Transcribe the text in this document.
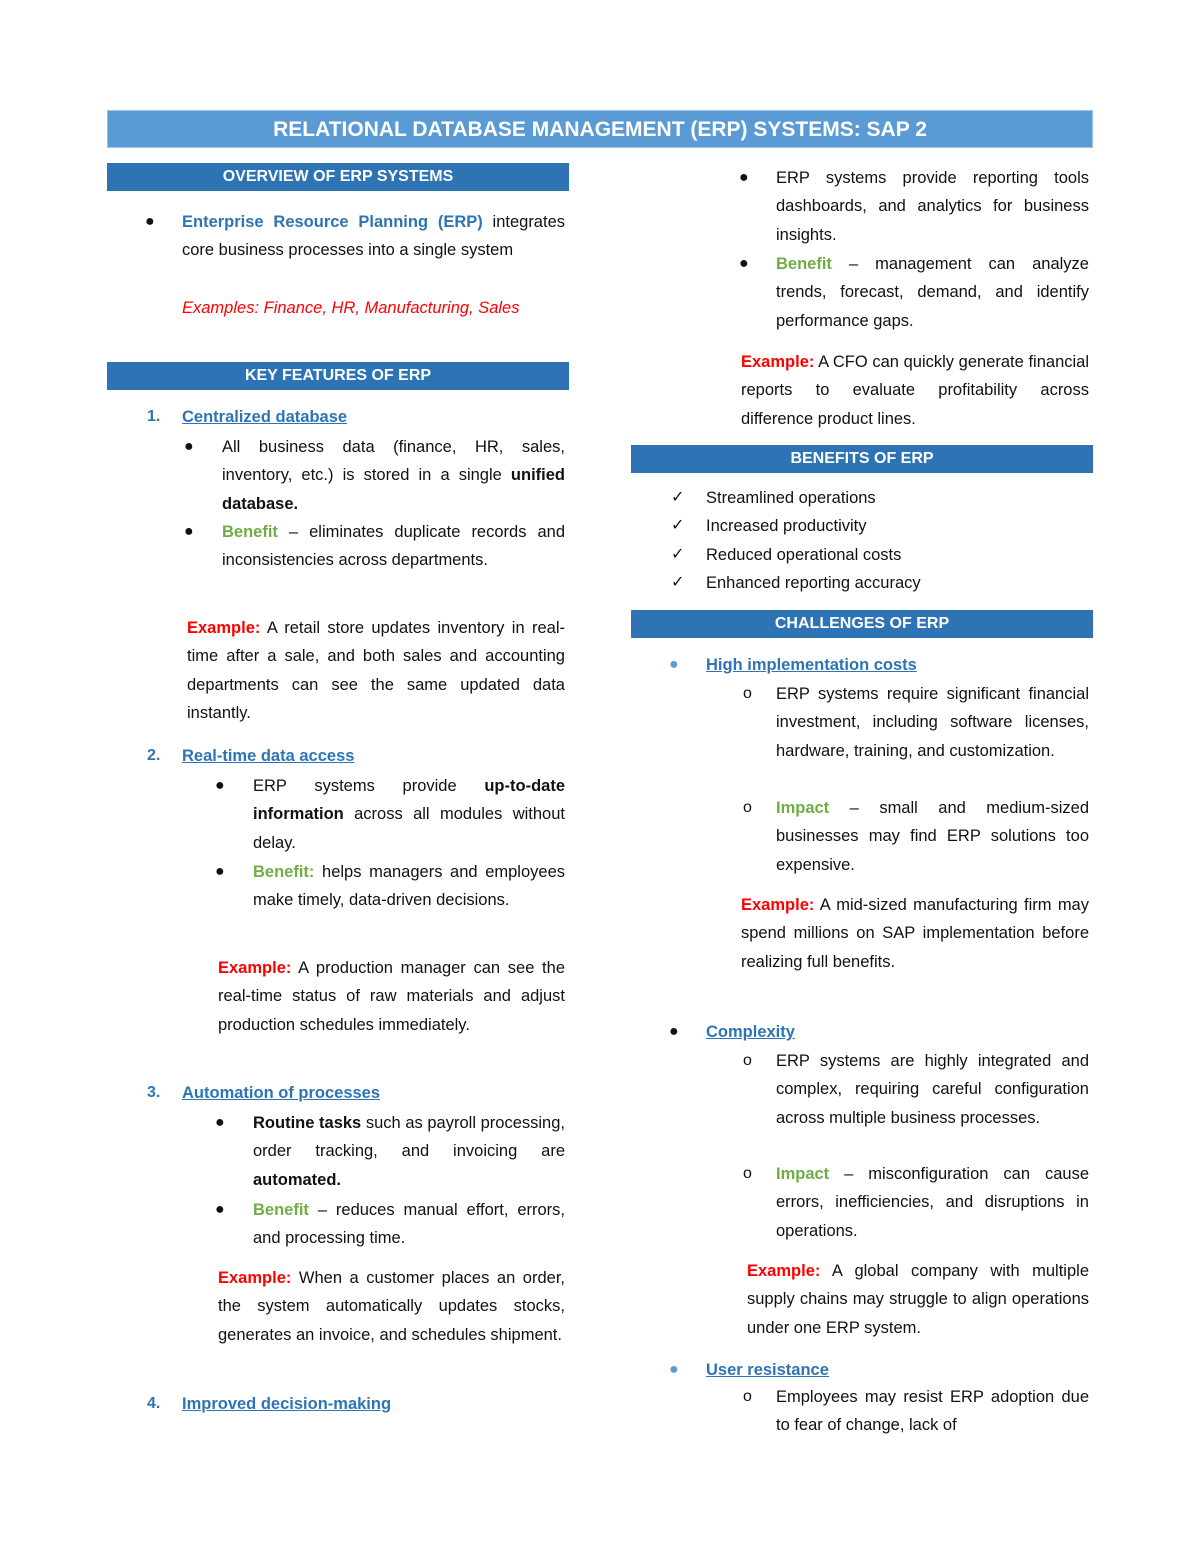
RELATIONAL DATABASE MANAGEMENT (ERP) SYSTEMS: SAP 2
OVERVIEW OF ERP SYSTEMS
● Enterprise Resource Planning (ERP) integrates core business processes into a single system
Examples: Finance, HR, Manufacturing, Sales
KEY FEATURES OF ERP
1. Centralized database
● All business data (finance, HR, sales, inventory, etc.) is stored in a single unified database.
● Benefit – eliminates duplicate records and inconsistencies across departments.
Example: A retail store updates inventory in real-time after a sale, and both sales and accounting departments can see the same updated data instantly.
2. Real-time data access
● ERP systems provide up-to-date information across all modules without delay.
● Benefit: helps managers and employees make timely, data-driven decisions.
Example: A production manager can see the real-time status of raw materials and adjust production schedules immediately.
3. Automation of processes
● Routine tasks such as payroll processing, order tracking, and invoicing are automated.
● Benefit – reduces manual effort, errors, and processing time.
Example: When a customer places an order, the system automatically updates stocks, generates an invoice, and schedules shipment.
4. Improved decision-making
● ERP systems provide reporting tools dashboards, and analytics for business insights.
● Benefit – management can analyze trends, forecast, demand, and identify performance gaps.
Example: A CFO can quickly generate financial reports to evaluate profitability across difference product lines.
BENEFITS OF ERP
✓ Streamlined operations
✓ Increased productivity
✓ Reduced operational costs
✓ Enhanced reporting accuracy
CHALLENGES OF ERP
● High implementation costs
o ERP systems require significant financial investment, including software licenses, hardware, training, and customization.
o Impact – small and medium-sized businesses may find ERP solutions too expensive.
Example: A mid-sized manufacturing firm may spend millions on SAP implementation before realizing full benefits.
● Complexity
o ERP systems are highly integrated and complex, requiring careful configuration across multiple business processes.
o Impact – misconfiguration can cause errors, inefficiencies, and disruptions in operations.
Example: A global company with multiple supply chains may struggle to align operations under one ERP system.
● User resistance
o Employees may resist ERP adoption due to fear of change, lack of
